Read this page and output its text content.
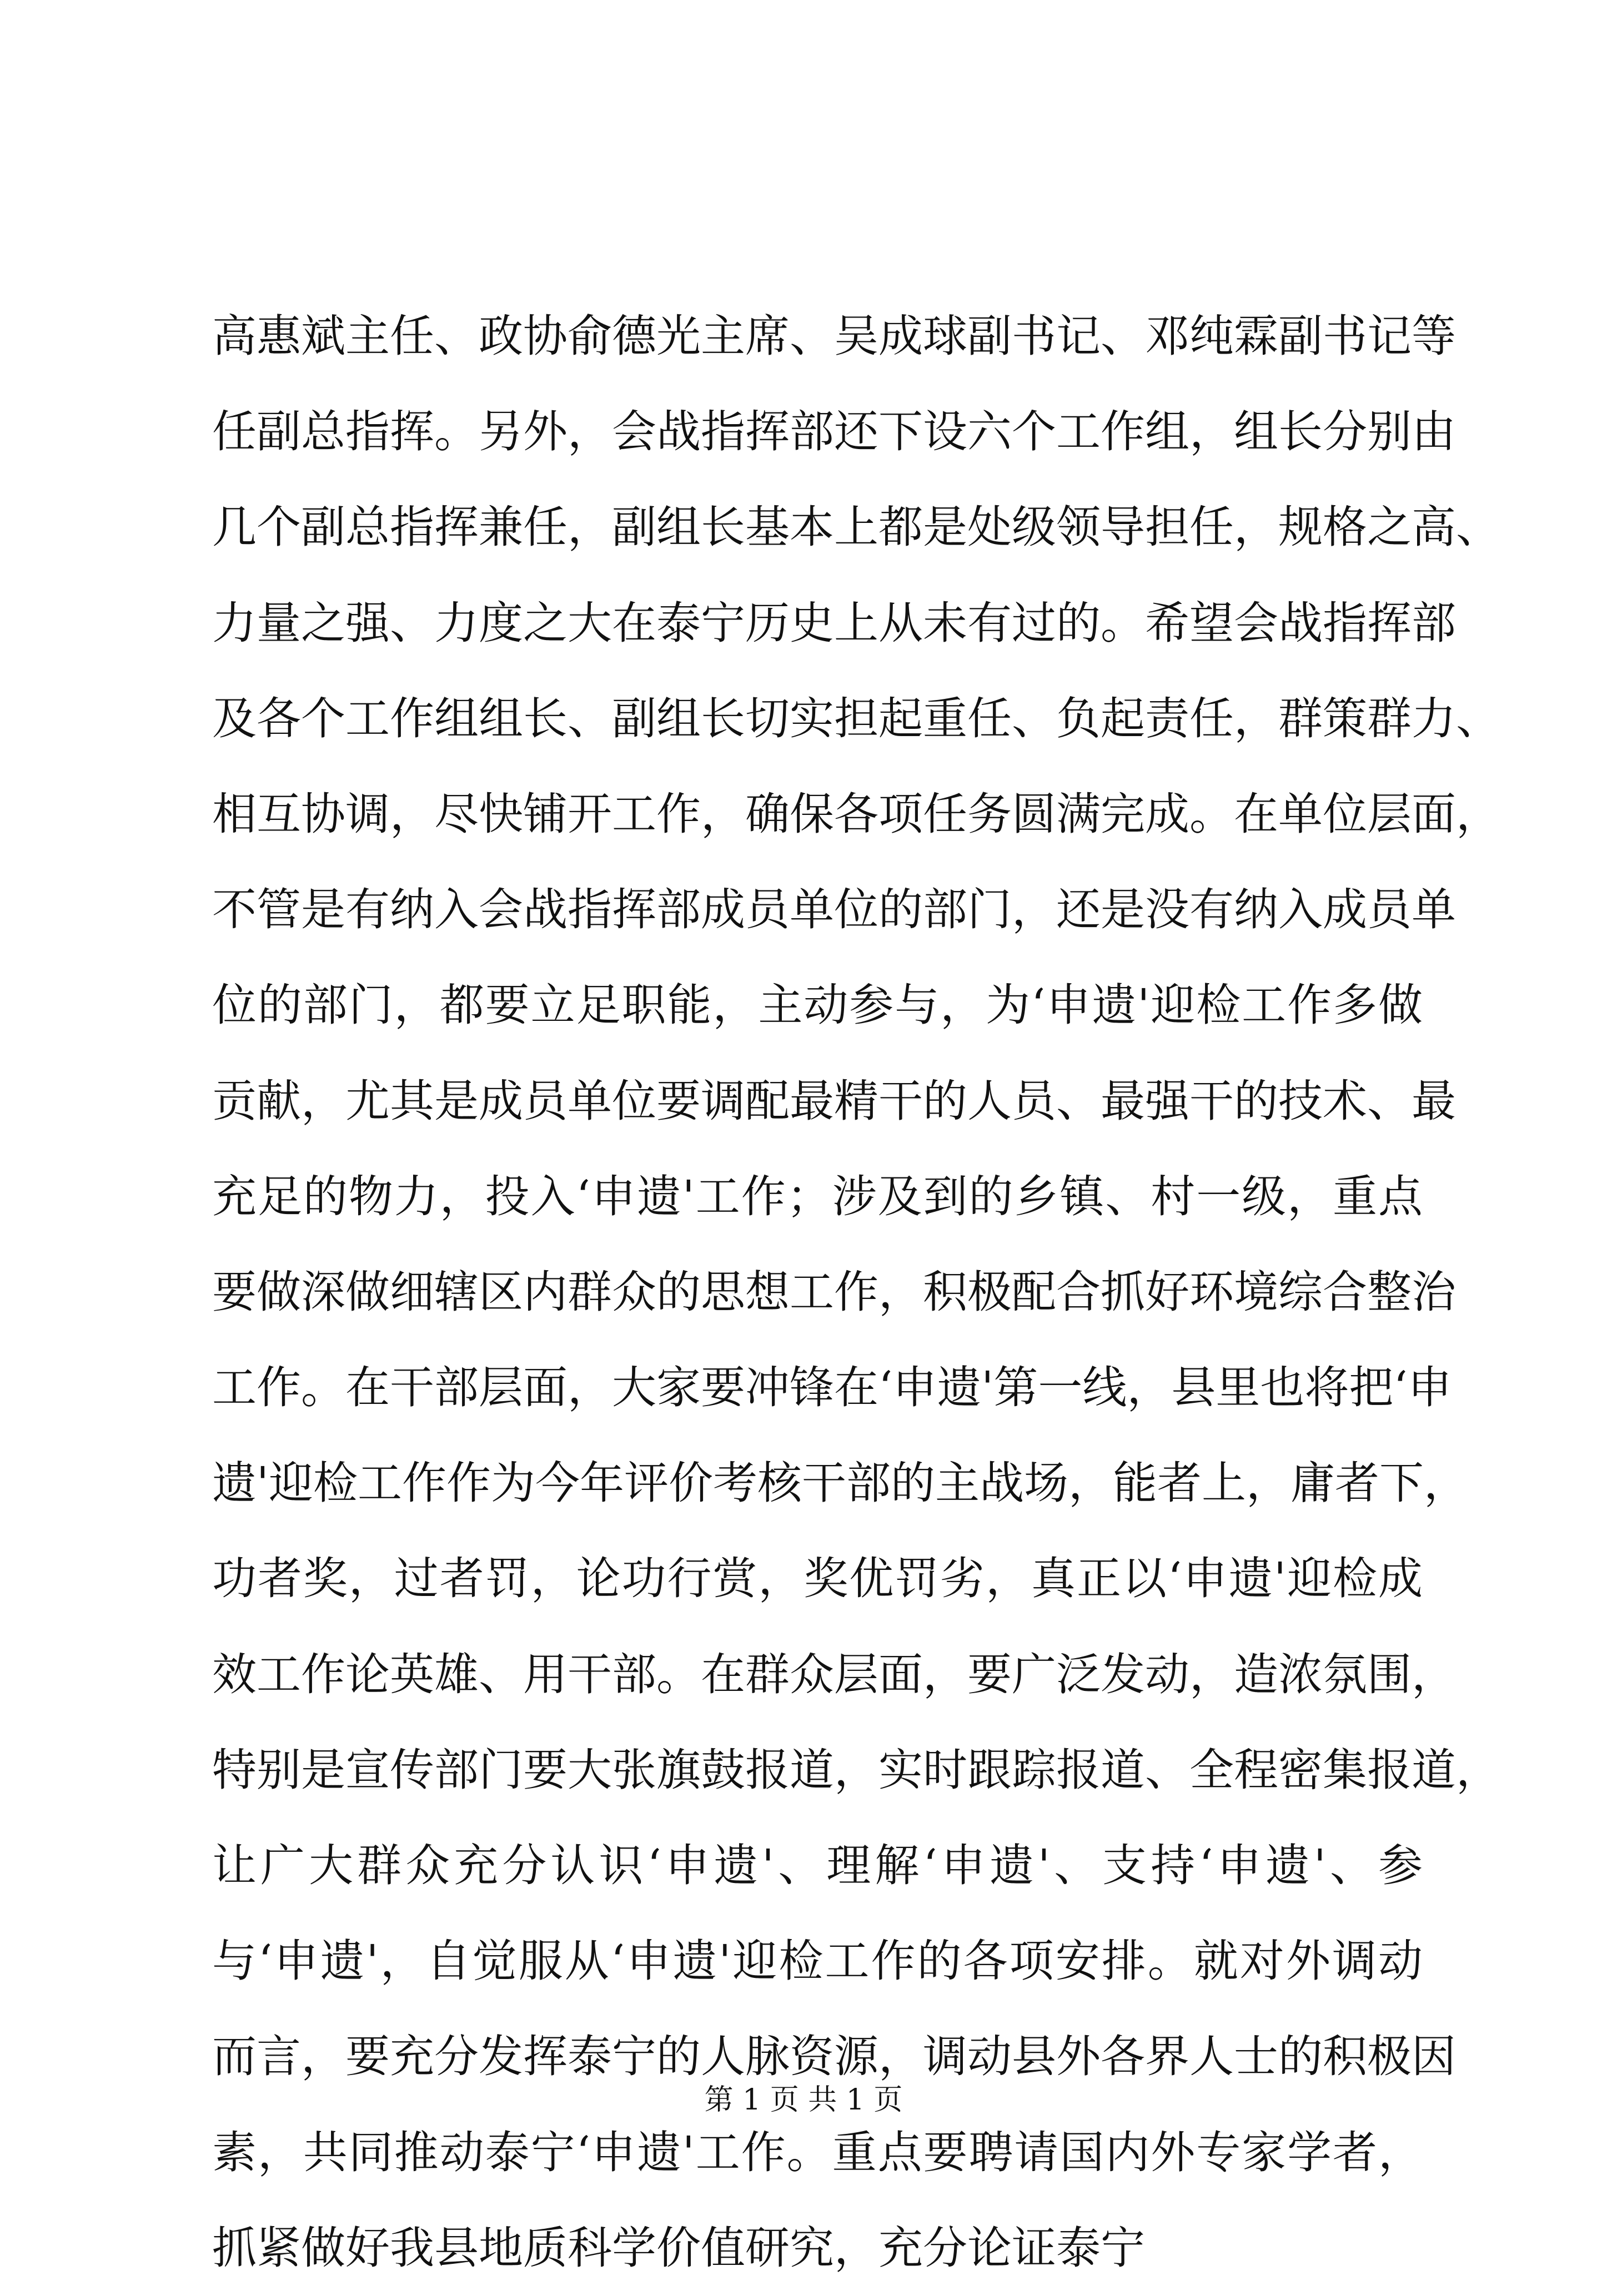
高惠斌主任、政协俞德光主席、吴成球副书记、邓纯霖副书记等
任副总指挥。另外，会战指挥部还下设六个工作组，组长分别由
几个副总指挥兼任，副组长基本上都是处级领导担任，规格之高、
力量之强、力度之大在泰宁历史上从未有过的。希望会战指挥部
及各个工作组组长、副组长切实担起重任、负起责任，群策群力、
相互协调，尽快铺开工作，确保各项任务圆满完成。在单位层面，
不管是有纳入会战指挥部成员单位的部门，还是没有纳入成员单
位的部门，都要立足职能，主动参与，为‘申遗'迎检工作多做
贡献，尤其是成员单位要调配最精干的人员、最强干的技术、最
充足的物力，投入‘申遗'工作；涉及到的乡镇、村一级，重点
要做深做细辖区内群众的思想工作，积极配合抓好环境综合整治
工作。在干部层面，大家要冲锋在‘申遗'第一线，县里也将把‘申
遗'迎检工作作为今年评价考核干部的主战场，能者上，庸者下，
功者奖，过者罚，论功行赏，奖优罚劣，真正以‘申遗'迎检成
效工作论英雄、用干部。在群众层面，要广泛发动，造浓氛围，
特别是宣传部门要大张旗鼓报道，实时跟踪报道、全程密集报道，
让广大群众充分认识‘申遗'、理解‘申遗'、支持‘申遗'、参
与‘申遗'，自觉服从‘申遗'迎检工作的各项安排。就对外调动
而言，要充分发挥泰宁的人脉资源，调动县外各界人士的积极因
素，共同推动泰宁‘申遗'工作。重点要聘请国内外专家学者，
抓紧做好我县地质科学价值研究，充分论证泰宁
第 1 页 共 1 页
